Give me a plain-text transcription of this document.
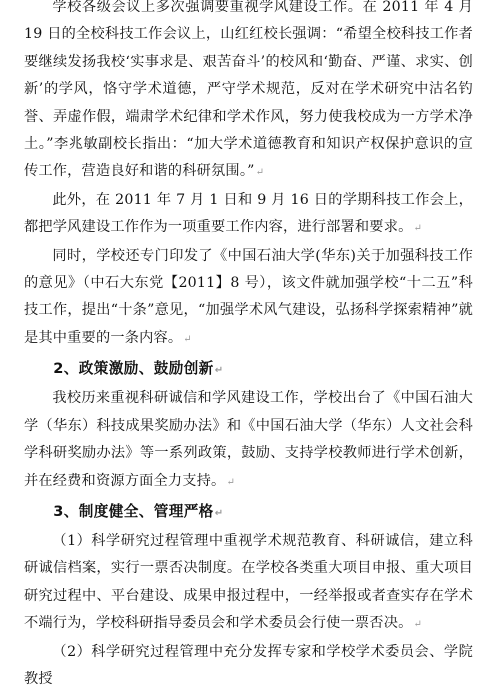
学校各级会议上多次强调要重视学风建设工作。在 2011 年 4 月 19 日的全校科技工作会议上，山红红校长强调：“希望全校科技工作者要继续发扬我校‘实事求是、艰苦奋斗’的校风和‘勤奋、严谨、求实、创新’的学风，恪守学术道德，严守学术规范，反对在学术研究中沽名钓誉、弄虚作假，端肃学术纪律和学术作风，努力使我校成为一方学术净土。”李兆敏副校长指出：“加大学术道德教育和知识产权保护意识的宣传工作，营造良好和谐的科研氛围。”↵

此外，在 2011 年 7 月 1 日和 9 月 16 日的学期科技工作会上，都把学风建设工作作为一项重要工作内容，进行部署和要求。↵

同时，学校还专门印发了《中国石油大学(华东)关于加强科技工作的意见》（中石大东党【2011】8 号），该文件就加强学校“十二五”科技工作，提出“十条”意见，“加强学术风气建设，弘扬科学探索精神”就是其中重要的一条内容。↵

2、政策激励、鼓励创新↵

我校历来重视科研诚信和学风建设工作，学校出台了《中国石油大学（华东）科技成果奖励办法》和《中国石油大学（华东）人文社会科学科研奖励办法》等一系列政策，鼓励、支持学校教师进行学术创新，并在经费和资源方面全力支持。↵

3、制度健全、管理严格↵

（1）科学研究过程管理中重视学术规范教育、科研诚信，建立科研诚信档案，实行一票否决制度。在学校各类重大项目申报、重大项目研究过程中、平台建设、成果申报过程中，一经举报或者查实存在学术不端行为，学校科研指导委员会和学术委员会行使一票否决。↵

（2）科学研究过程管理中充分发挥专家和学校学术委员会、学院教授
